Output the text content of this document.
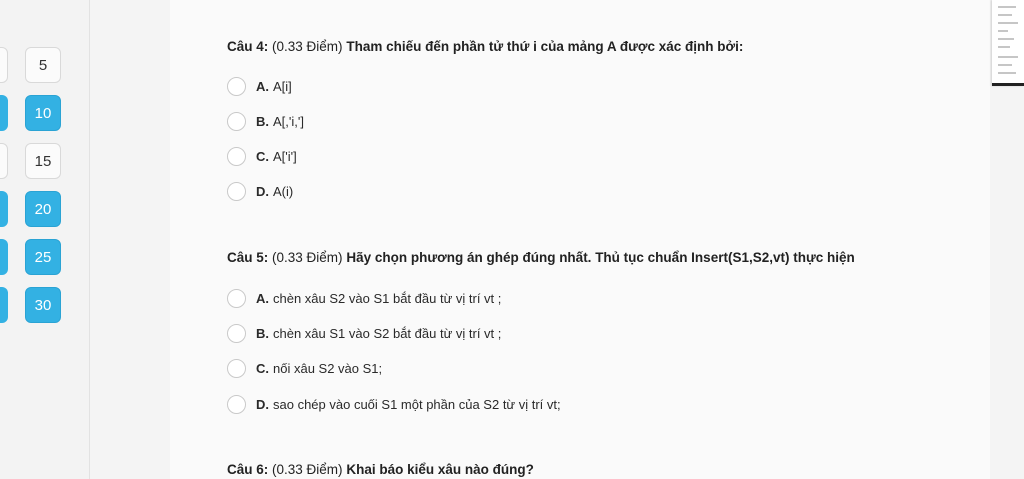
5
10
15
20
25
30
Câu 4: (0.33 Điểm) Tham chiếu đến phần tử thứ i của mảng A được xác định bởi:
A. A[i]
B. A[,'i,']
C. A['i']
D. A(i)
Câu 5: (0.33 Điểm) Hãy chọn phương án ghép đúng nhất. Thủ tục chuẩn Insert(S1,S2,vt) thực hiện
A. chèn xâu S2 vào S1 bắt đầu từ vị trí vt ;
B. chèn xâu S1 vào S2 bắt đầu từ vị trí vt ;
C. nối xâu S2 vào S1;
D. sao chép vào cuối S1 một phần của S2 từ vị trí vt;
Câu 6: (0.33 Điểm) Khai báo kiểu xâu nào đúng?
